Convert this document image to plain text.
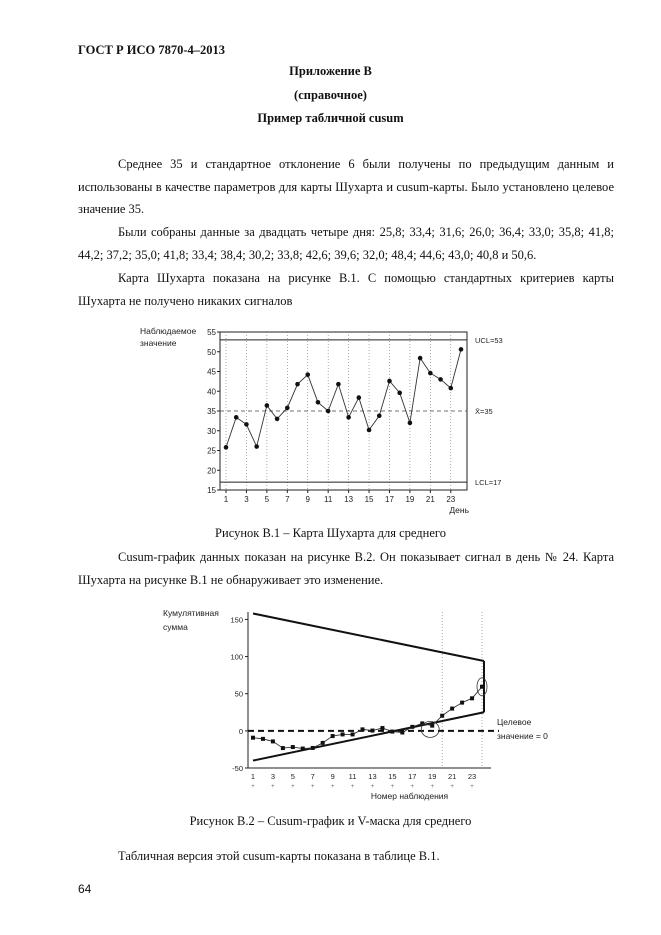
ГОСТ Р ИСО 7870-4–2013
Приложение В
(справочное)
Пример табличной cusum

Среднее 35 и стандартное отклонение 6 были получены по предыдущим данным и использованы в качестве параметров для карты Шухарта и cusum-карты. Было установлено целевое значение 35.

Были собраны данные за двадцать четыре дня: 25,8; 33,4; 31,6; 26,0; 36,4; 33,0; 35,8; 41,8; 44,2; 37,2; 35,0; 41,8; 33,4; 38,4; 30,2; 33,8; 42,6; 39,6; 32,0; 48,4; 44,6; 43,0; 40,8 и 50,6.

Карта Шухарта показана на рисунке В.1. С помощью стандартных критериев карты Шухарта не получено никаких сигналов

55
50
45
40
35
30
25
20
15
1 3 5 7 9 11 13 15 17 19 21 23
UCL=53
X̄=35
LCL=17
Наблюдаемое
значение
День
Рисунок В.1 – Карта Шухарта для среднего

Cusum-график данных показан на рисунке В.2. Он показывает сигнал в день № 24. Карта Шухарта на рисунке В.1 не обнаруживает это изменение.

150
100
50
0
-50
1
+
3
+
5
+
7
+
9
+
11
+
13
+
15
+
17
+
19
+
21
+
23
+
Кумулятивная
сумма
Номер наблюдения
Целевое
значение = 0
Рисунок В.2 – Cusum-график и V-маска для среднего

Табличная версия этой cusum-карты показана в таблице В.1.

64
